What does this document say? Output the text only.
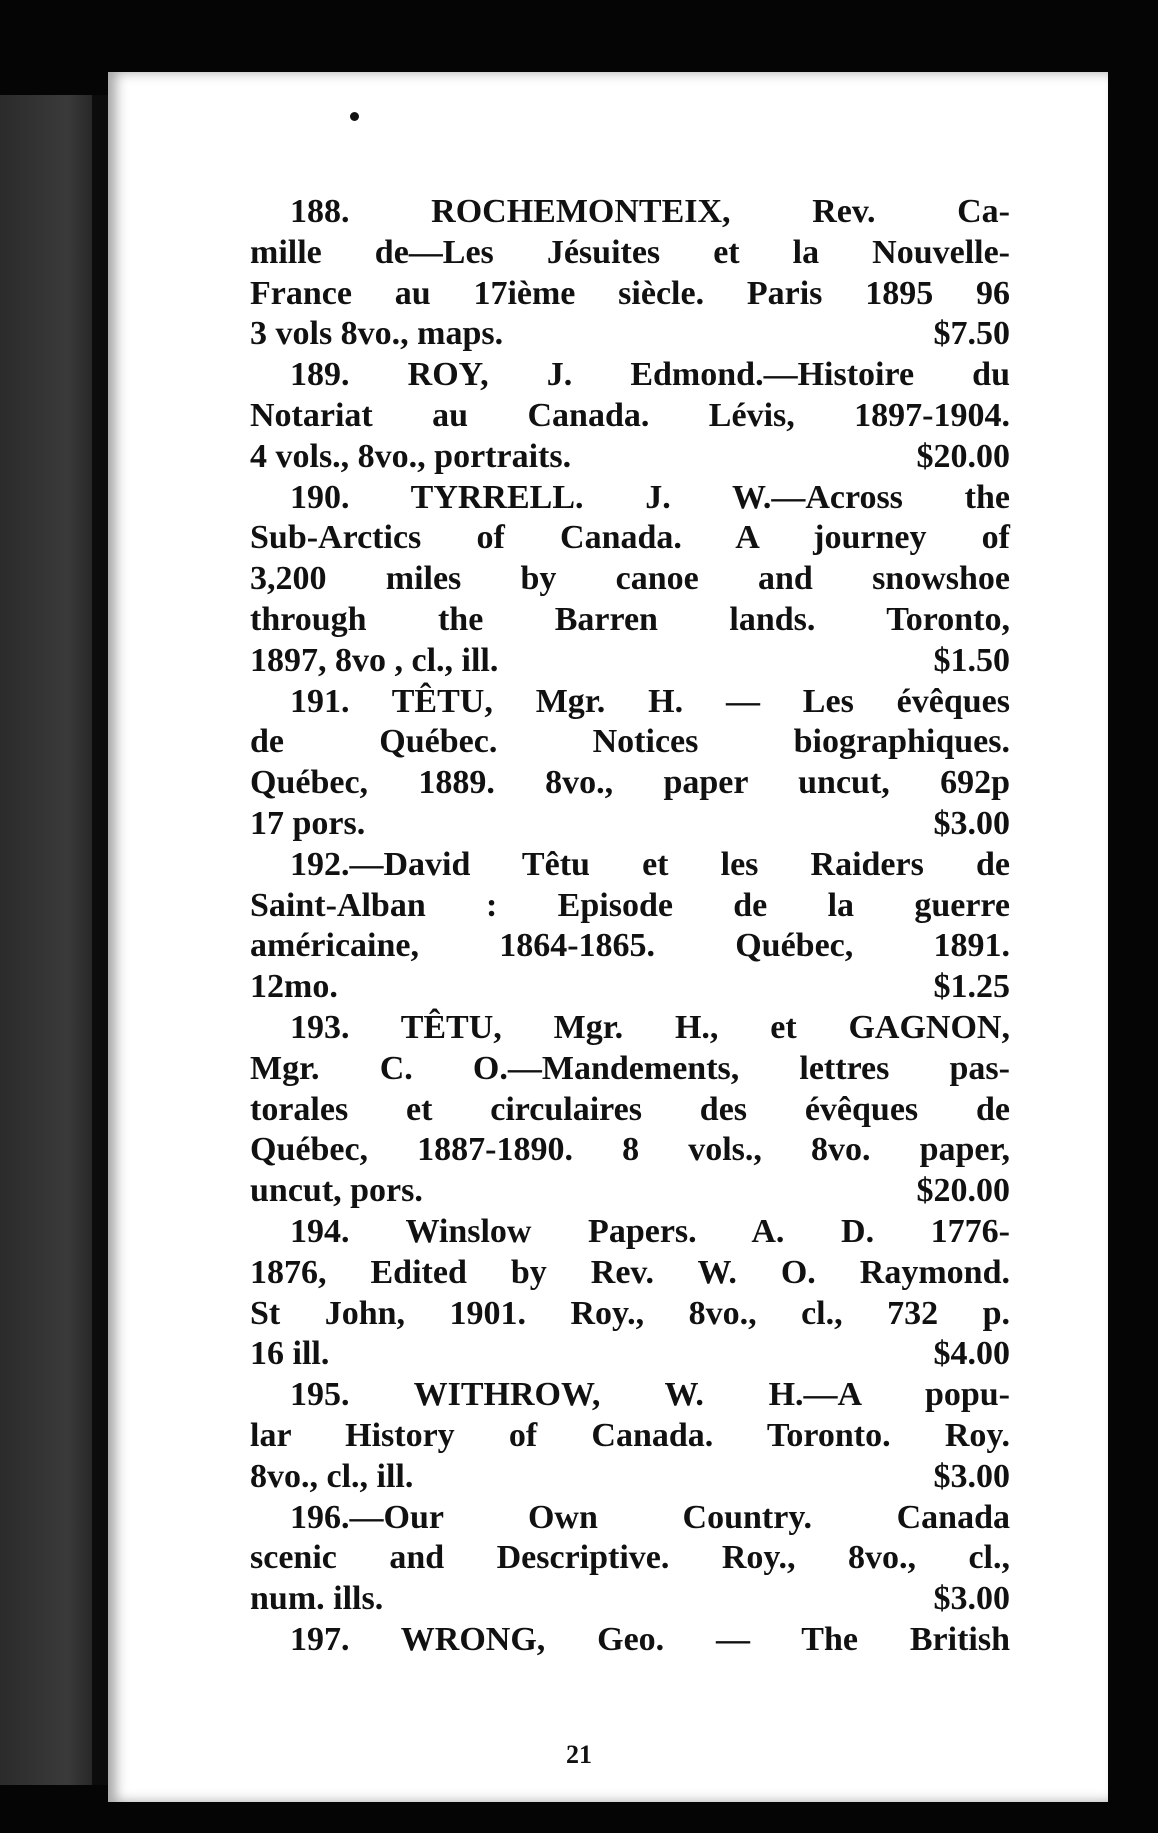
188. ROCHEMONTEIX, Rev. Ca-
mille de—Les Jésuites et la Nouvelle-
France au 17ième siècle. Paris 1895 96
3 vols 8vo., maps.	$7.50
189. ROY, J. Edmond.—Histoire du
Notariat au Canada. Lévis, 1897-1904.
4 vols., 8vo., portraits.	$20.00
190. TYRRELL. J. W.—Across the
Sub-Arctics of Canada. A journey of
3,200 miles by canoe and snowshoe
through the Barren lands. Toronto,
1897, 8vo , cl., ill.	$1.50
191. TÊTU, Mgr. H. — Les évêques
de Québec. Notices biographiques.
Québec, 1889. 8vo., paper uncut, 692p
17 pors.	$3.00
192.—David Têtu et les Raiders de
Saint-Alban : Episode de la guerre
américaine, 1864-1865. Québec, 1891.
12mo.	$1.25
193. TÊTU, Mgr. H., et GAGNON,
Mgr. C. O.—Mandements, lettres pas-
torales et circulaires des évêques de
Québec, 1887-1890. 8 vols., 8vo. paper,
uncut, pors.	$20.00
194. Winslow Papers. A. D. 1776-
1876, Edited by Rev. W. O. Raymond.
St John, 1901. Roy., 8vo., cl., 732 p.
16 ill.	$4.00
195. WITHROW, W. H.—A popu-
lar History of Canada. Toronto. Roy.
8vo., cl., ill.	$3.00
196.—Our Own Country. Canada
scenic and Descriptive. Roy., 8vo., cl.,
num. ills.	$3.00
197. WRONG, Geo. — The British
21
